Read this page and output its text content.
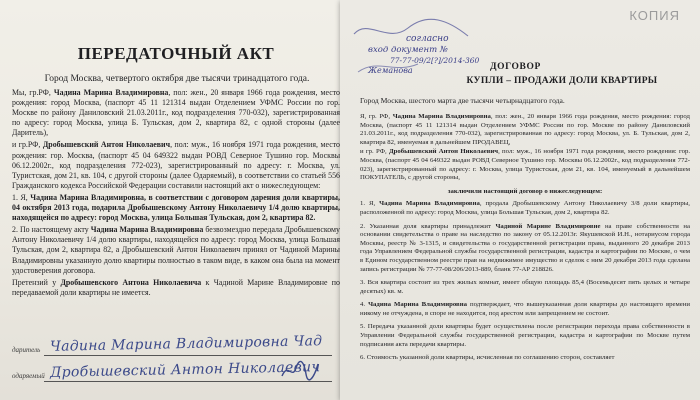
ПЕРЕДАТОЧНЫЙ АКТ
Город Москва, четвертого октября две тысячи тринадцатого года.

Мы, гр.РФ, Чадина Марина Владимировна, пол: жен., 20 января 1966 года рождения, место рождения: город Москва, (паспорт 45 11 121314 выдан Отделением УФМС России по гор. Москве по району Даниловский 21.03.2011г., код подразделения 770-032), зарегистрированная по адресу: город Москва, улица Б. Тульская, дом 2, квартира 82, с одной стороны (далее Даритель),

и гр.РФ, Дробышевский Антон Николаевич, пол: муж., 16 ноября 1971 года рождения, место рождения: гор. Москва, (паспорт 45 04 649322 выдан РОВД Северное Тушино гор. Москвы 06.12.2002г., код подразделения 772-023), зарегистрированный по адресу: г. Москва, ул. Туристская, дом 21, кв. 104, с другой стороны (далее Одаряемый), в соответствии со статьей 556 Гражданского кодекса Российской Федерации составили настоящий акт о нижеследующем:

1. Я, Чадина Марина Владимировна, в соответствии с договором дарения доли квартиры, 04 октября 2013 года, подарила Дробышевскому Антону Николаевичу 1/4 долю квартиры, находящейся по адресу: город Москва, улица Большая Тульская, дом 2, квартира 82.

2. По настоящему акту Чадина Марина Владимировна безвозмездно передала Дробышевскому Антону Николаевичу 1/4 долю квартиры, находящейся по адресу: город Москва, улица Большая Тульская, дом 2, квартира 82, а Дробышевский Антон Николаевич принял от Чадиной Марины Владимировны указанную долю квартиры полностью в таком виде, в каком она была на момент удостоверения договора.

Претензий у Дробышевского Антона Николаевича к Чадиной Марине Владимировне по передаваемой доли квартиры не имеется.

даритель Чадина Марина Владимировна Чад
одаряемый Дробышевский Антон Николаевич
согласно
вход документ №
77-77-09/2[?]/2014-360
Жеманова
КОПИЯ
ДОГОВОР
КУПЛИ – ПРОДАЖИ ДОЛИ КВАРТИРЫ
Город Москва, шестого марта две тысячи четырнадцатого года.

Я, гр. РФ, Чадина Марина Владимировна, пол: жен., 20 января 1966 года рождения, место рождения: город Москва, (паспорт 45 11 121314 выдан Отделением УФМС России по гор. Москве по району Даниловский 21.03.2011г., код подразделения 770-032), зарегистрированная по адресу: город Москва, ул. Б. Тульская, дом 2, квартира 82, именуемая в дальнейшем ПРОДАВЕЦ,

и гр. РФ, Дробышевский Антон Николаевич, пол: муж., 16 ноября 1971 года рождения, место рождения: гор. Москва, (паспорт 45 04 649322 выдан РОВД Северное Тушино гор. Москвы 06.12.2002г., код подразделения 772-023), зарегистрированный по адресу: г. Москва, улица Туристская, дом 21, кв. 104, именуемый в дальнейшем ПОКУПАТЕЛЬ, с другой стороны,

заключили настоящий договор о нижеследующем:

1. Я, Чадина Марина Владимировна, продала Дробышевскому Антону Николаевичу 3/8 доли квартиры, расположенной по адресу: город Москва, улица Большая Тульская, дом 2, квартира 82.

2. Указанная доля квартиры принадлежит Чадиной Марине Владимировне на праве собственности на основании свидетельства о праве на наследство по закону от 05.12.2013г. Якушевской И.Н., нотариусом города Москвы, реестр № 3-1315, и свидетельства о государственной регистрации права, выданного 20 декабря 2013 года Управлением Федеральной службы государственной регистрации, кадастра и картографии по Москве, о чем в Едином государственном реестре прав на недвижимое имущество и сделок с ним 20 декабря 2013 года сделана запись регистрации № 77-77-08/206/2013-889, бланк 77-АР 218826.

3. Вся квартира состоит из трех жилых комнат, имеет общую площадь 85,4 (Восемьдесят пять целых и четыре десятых) кв. м.

4. Чадина Марина Владимировна подтверждает, что вышеуказанная доля квартиры до настоящего времени никому не отчуждена, в споре не находится, под арестом или запрещением не состоит.

5. Передача указанной доли квартиры будет осуществлена после регистрации перехода права собственности в Управлении Федеральной службы государственной регистрации, кадастра и картографии по Москве путем подписания акта передачи квартиры.

6. Стоимость указанной доли квартиры, исчисленная по соглашению сторон, составляет
